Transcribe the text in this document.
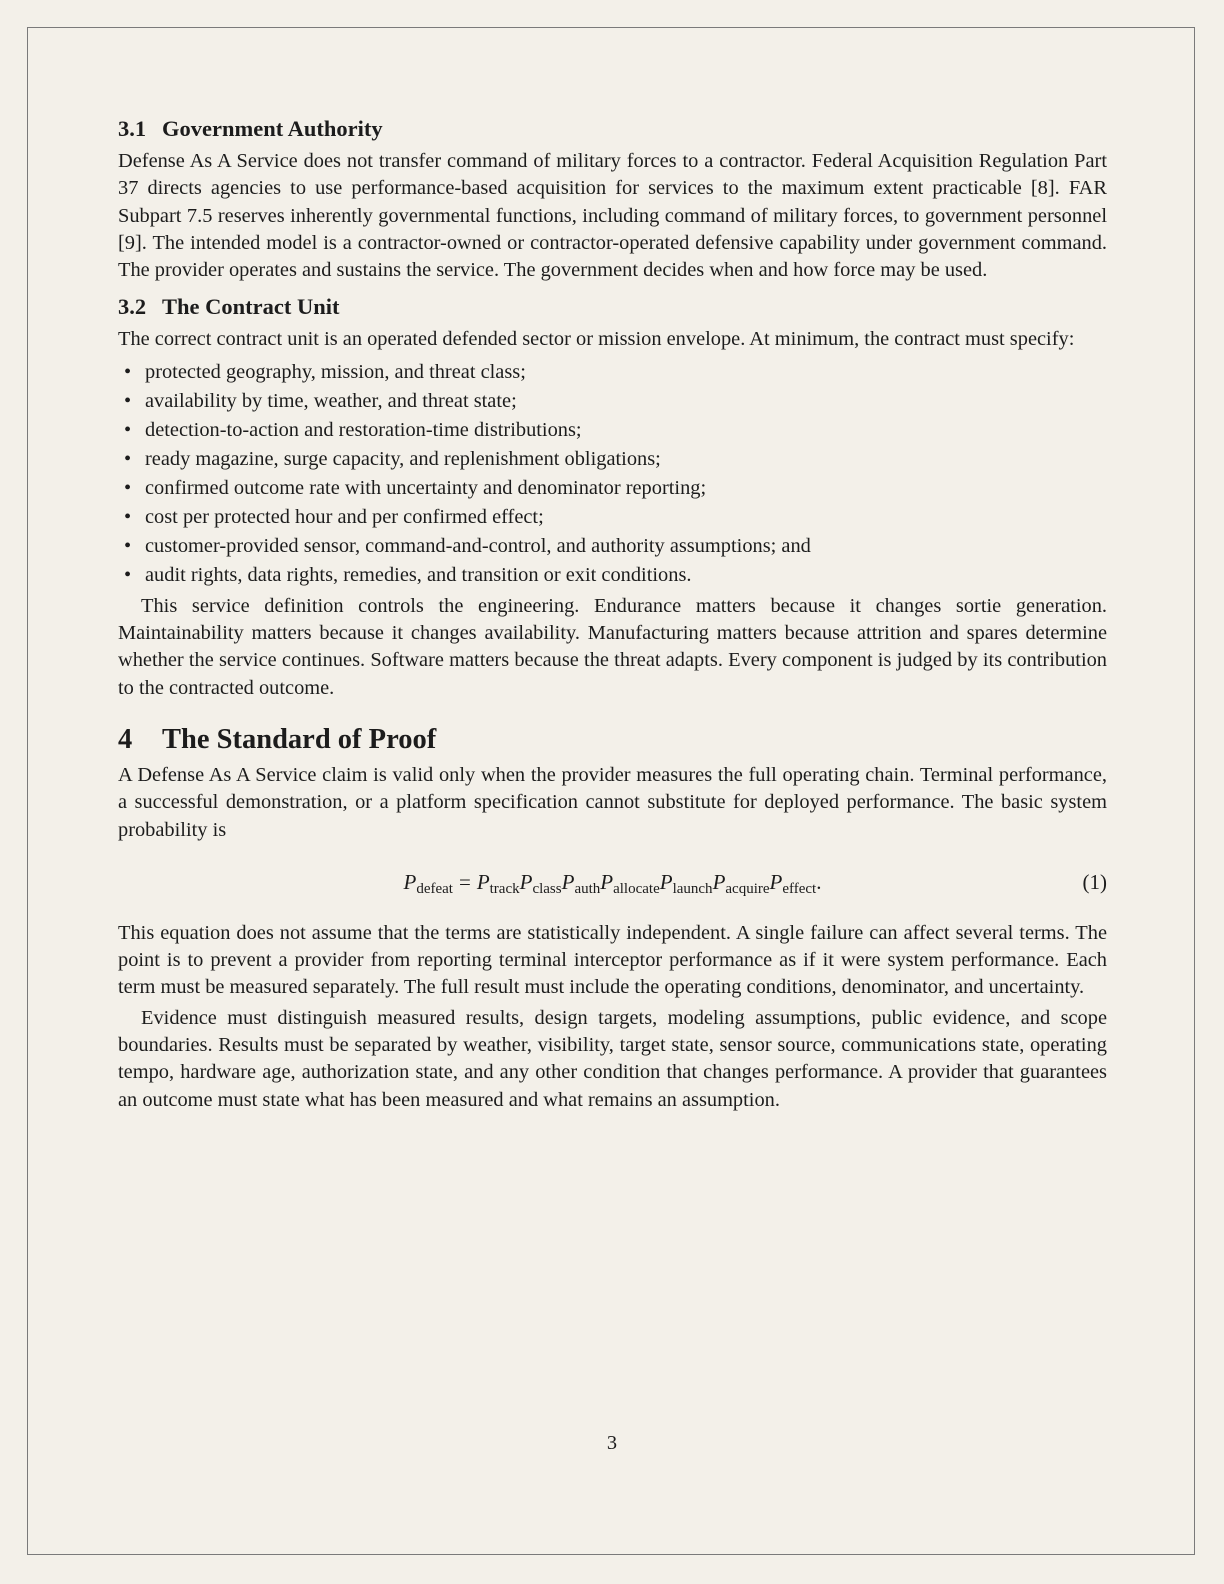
3.1 Government Authority

Defense As A Service does not transfer command of military forces to a contractor. Federal Acquisition Regulation Part 37 directs agencies to use performance-based acquisition for services to the maximum extent practicable [8]. FAR Subpart 7.5 reserves inherently governmental functions, including command of military forces, to government personnel [9]. The intended model is a contractor-owned or contractor-operated defensive capability under government command. The provider operates and sustains the service. The government decides when and how force may be used.

3.2 The Contract Unit

The correct contract unit is an operated defended sector or mission envelope. At minimum, the contract must specify:

• protected geography, mission, and threat class;
• availability by time, weather, and threat state;
• detection-to-action and restoration-time distributions;
• ready magazine, surge capacity, and replenishment obligations;
• confirmed outcome rate with uncertainty and denominator reporting;
• cost per protected hour and per confirmed effect;
• customer-provided sensor, command-and-control, and authority assumptions; and
• audit rights, data rights, remedies, and transition or exit conditions.

This service definition controls the engineering. Endurance matters because it changes sortie generation. Maintainability matters because it changes availability. Manufacturing matters because attrition and spares determine whether the service continues. Software matters because the threat adapts. Every component is judged by its contribution to the contracted outcome.

4 The Standard of Proof

A Defense As A Service claim is valid only when the provider measures the full operating chain. Terminal performance, a successful demonstration, or a platform specification cannot substitute for deployed performance. The basic system probability is

$P_{defeat} = P_{track}P_{class}P_{auth}P_{allocate}P_{launch}P_{acquire}P_{effect}$.	(1)

This equation does not assume that the terms are statistically independent. A single failure can affect several terms. The point is to prevent a provider from reporting terminal interceptor performance as if it were system performance. Each term must be measured separately. The full result must include the operating conditions, denominator, and uncertainty.

Evidence must distinguish measured results, design targets, modeling assumptions, public evidence, and scope boundaries. Results must be separated by weather, visibility, target state, sensor source, communications state, operating tempo, hardware age, authorization state, and any other condition that changes performance. A provider that guarantees an outcome must state what has been measured and what remains an assumption.

3
